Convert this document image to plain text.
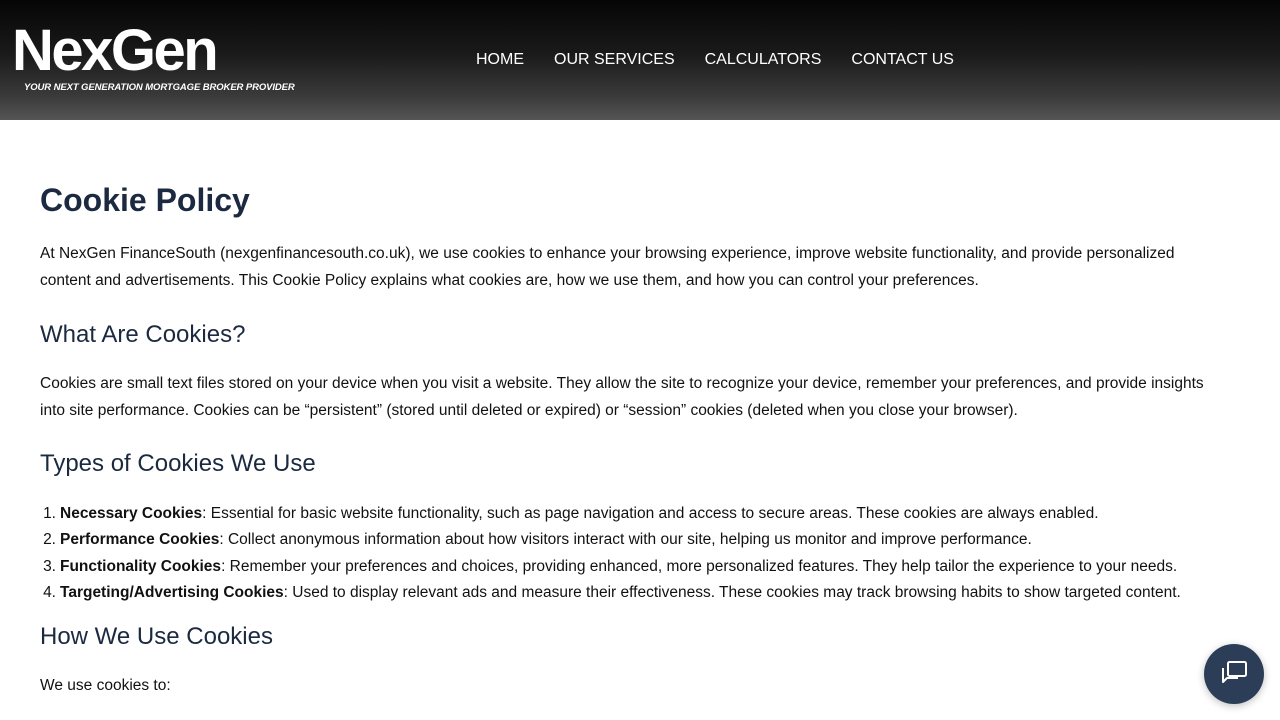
NexGen
YOUR NEXT GENERATION MORTGAGE BROKER PROVIDER
HOME OUR SERVICES CALCULATORS CONTACT US
Cookie Policy
At NexGen FinanceSouth (nexgenfinancesouth.co.uk), we use cookies to enhance your browsing experience, improve website functionality, and provide personalized
content and advertisements. This Cookie Policy explains what cookies are, how we use them, and how you can control your preferences.
What Are Cookies?
Cookies are small text files stored on your device when you visit a website. They allow the site to recognize your device, remember your preferences, and provide insights
into site performance. Cookies can be “persistent” (stored until deleted or expired) or “session” cookies (deleted when you close your browser).
Types of Cookies We Use
1. Necessary Cookies: Essential for basic website functionality, such as page navigation and access to secure areas. These cookies are always enabled.
2. Performance Cookies: Collect anonymous information about how visitors interact with our site, helping us monitor and improve performance.
3. Functionality Cookies: Remember your preferences and choices, providing enhanced, more personalized features. They help tailor the experience to your needs.
4. Targeting/Advertising Cookies: Used to display relevant ads and measure their effectiveness. These cookies may track browsing habits to show targeted content.
How We Use Cookies
We use cookies to:
